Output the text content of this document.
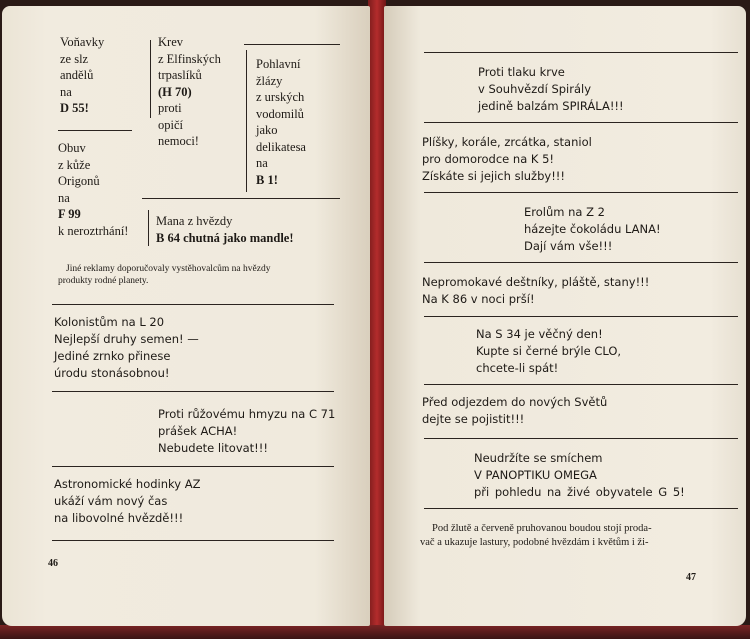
Voňavky
ze slz
andělů
na
D 55!
Krev
z Elfinských
trpaslíků
(H 70)
proti
opičí
nemoci!
Pohlavní
žlázy
z urských
vodomilů
jako
delikatesa
na
B 1!
Obuv
z kůže
Origonů
na
F 99
k neroztrhání!
Mana z hvězdy
B 64 chutná jako mandle!
Jiné reklamy doporučovaly vystěhovalcům na hvězdy
produkty rodné planety.
Kolonistům na L 20
Nejlepší druhy semen! —
Jediné zrnko přinese
úrodu stonásobnou!
Proti růžovému hmyzu na C 71
prášek ACHA!
Nebudete litovat!!!
Astronomické hodinky AZ
ukáží vám nový čas
na libovolné hvězdě!!!
46
Proti tlaku krve
v Souhvězdí Spirály
jedině balzám SPIRÁLA!!!
Plíšky, korále, zrcátka, staniol
pro domorodce na K 5!
Získáte si jejich služby!!!
Erolům na Z 2
házejte čokoládu LANA!
Dají vám vše!!!
Nepromokavé deštníky, pláště, stany!!!
Na K 86 v noci prší!
Na S 34 je věčný den!
Kupte si černé brýle CLO,
chcete-li spát!
Před odjezdem do nových Světů
dejte se pojistit!!!
Neudržíte se smíchem
V PANOPTIKU OMEGA
při pohledu na živé obyvatele G 5!
Pod žlutě a červeně pruhovanou boudou stojí proda-
vač a ukazuje lastury, podobné hvězdám i květům i ži-
47
